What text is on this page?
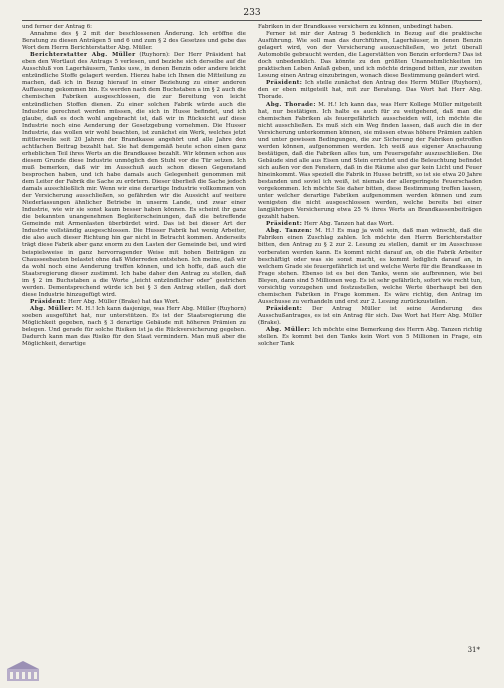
233

und ferner der Antrag 6:

Annahme des § 2 mit der beschlossenen Änderung. Ich eröffne die Beratung zu diesen Anträgen 5 und 6 und zum § 2 des Gesetzes und gebe das Wort dem Herrn Berichterstatter Abg. Müller.

Berichterstatter Abg. Müller (Ruyhorn): Der Herr Präsident hat eben den Wortlaut des Antrags 5 verlesen, und beziehe sich derselbe auf die Ausschluß von Lagerhäusern, Tanks usw., in denen Benzin oder andere leicht entzündliche Stoffe gelagert werden. Hierzu habe ich Ihnen die Mitteilung zu machen, daß ich in Bezug hierauf in einer Beziehung zu einer anderen Auffassung gekommen bin. Es werden nach dem Buchstaben a im § 2 auch die chemischen Fabriken ausgeschlossen, die zur Bereitung von leicht entzündlichen Stoffen dienen. Zu einer solchen Fabrik würde auch die Industrie gerechnet werden müssen, die sich in Husse befindet, und ich glaube, daß es doch wohl angebracht ist, daß wir in Rücksicht auf diese Industrie noch eine Aenderung der Gesetzgebung vornehmen. Die Husser Industrie, das wollen wir wohl beachten, ist zunächst ein Werk, welches jetzt mittlerweile seit 20 Jahren der Brandkasse angehört und alle Jahre den achtfachen Beitrag bezahlt hat. Sie hat demgemäß heute schon einen ganz erheblichen Teil ihres Werts an die Brandkasse bezahlt. Wir können schon aus diesem Grunde diese Industrie unmöglich den Stuhl vor die Tür setzen. Ich muß bemerken, daß wir im Ausschuß auch schon diesen Gegenstand besprochen haben, und ich habe damals auch Gelegenheit genommen mit dem Leiter der Fabrik die Sache zu erörtern. Dieser überließ die Sache jedoch damals ausschließlich mir. Wenn wir eine derartige Industrie vollkommen von der Versicherung ausschließen, so gefährden wir die Aussicht auf weitere Niederlassungen ähnlicher Betriebe in unserm Lande, und zwar einer Industrie, wie wir sie sonst kaum besser haben können. Es scheint ihr ganz die bekannten unangenehmen Begleiterscheinungen, daß die betreffende Gemeinde mit Armenlasten überbürdet wird. Das ist bei dieser Art der Industrie vollständig ausgeschlossen. Die Husser Fabrik hat wenig Arbeiter, die also auch dieser Richtung hin gar nicht in Betracht kommen. Anderseits trägt diese Fabrik aber ganz enorm zu den Lasten der Gemeinde bei, und wird beispielsweise in ganz hervorragender Weise mit hohen Beiträgen zu Chausseebauten belastet ohne daß Widerreden entstehen. Ich meine, daß wir da wohl noch eine Aenderung treffen können, und ich hoffe, daß auch die Staatsregierung dieser zustimmt. Ich habe daher den Antrag zu stellen, daß im § 2 im Buchstaben a die Worte „leicht entzündlicher oder“ gestrichen werden. Dementsprechend würde ich bei § 3 den Antrag stellen, daß dort diese Industrie hinzugefügt wird.

Präsident: Herr Abg. Müller (Brake) hat das Wort.

Abg. Müller: M. H.! Ich kann dasjenige, was Herr Abg. Müller (Ruyhorn) soeben ausgeführt hat, nur unterstützen. Es ist der Staatsregierung die Möglichkeit gegeben, nach § 3 derartige Gebäude mit höheren Prämien zu belegen. Und gerade für solche Risiken ist ja die Rückversicherung gegeben. Dadurch kann man das Risiko für den Staat vermindern. Man muß aber die Möglichkeit, derartige

Fabriken in der Brandkasse versichern zu können, unbedingt haben.

Ferner ist mir der Antrag 5 bedenklich in Bezug auf die praktische Ausführung. Wie soll man das durchführen, Lagerhäuser, in denen Benzin gelagert wird, von der Versicherung auszuschließen, wo jetzt überall Automobile gebraucht werden, die Lagerstätten von Benzin erfordern? Das ist doch unbedenklich. Das könnte zu den größten Unannehmlichkeiten im praktischen Leben Anlaß geben, und ich möchte dringend bitten, zur zweiten Lesung einen Antrag einzubringen, wonach diese Bestimmung geändert wird.

Präsident: Ich stelle zunächst den Antrag des Herrn Müller (Ruyhorn), den er eben mitgeteilt hat, mit zur Beratung. Das Wort hat Herr Abg. Thorade.

Abg. Thorade: M. H.! Ich kann das, was Herr Kollege Müller mitgeteilt hat, nur bestätigen. Ich halte es auch für zu weitgehend, daß man die chemischen Fabriken als feuergefährlich ausscheiden will, ich möchte die nicht ausschließen. Es muß sich ein Weg finden lassen, daß auch die in der Versicherung unterkommen können, sie müssen etwas höhere Prämien zahlen und unter gewissen Bedingungen, die zur Sicherung der Fabriken getroffen werden können, aufgenommen werden. Ich weiß aus eigener Anschauung bestätigen, daß die Fabriken alles tun, um Feuersgefahr auszuschließen. Die Gebäude sind alle aus Eisen und Stein errichtet und die Beleuchtung befindet sich außen vor den Fenstern, daß in die Räume also gar kein Licht und Feuer hineinkommt. Was speziell die Fabrik in Husse betrifft, so ist sie etwa 20 Jahre bestanden und soviel ich weiß, ist niemals der allergeringste Feuerschaden vorgekommen. Ich möchte Sie daher bitten, diese Bestimmung treffen lassen, unter welcher derartige Fabriken aufgenommen werden können und zum wenigsten die nicht ausgeschlossen werden, welche bereits bei einer langjährigen Versicherung etwa 25 % ihres Werts an Brandkassenbeiträgen gezahlt haben.

Präsident: Herr Abg. Tanzen hat das Wort.

Abg. Tanzen: M. H.! Es mag ja wohl sein, daß man wünscht, daß die Fabriken einen Zuschlag zahlen. Ich möchte den Herrn Berichterstatter bitten, den Antrag zu § 2 zur 2. Lesung zu stellen, damit er im Ausschusse vorberaten werden kann. Es kommt nicht darauf an, ob die Fabrik Arbeiter beschäftigt oder was sie sonst macht, es kommt lediglich darauf an, in welchem Grade sie feuergefährlich ist und welche Werte für die Brandkasse in Frage stehen. Ebenso ist es bei den Tanks, wenn sie aufbrennen, wie bei Bleyen, dann sind 5 Millionen weg. Es ist sehr gefährlich, sofort wie recht tun, vorsichtig vorzugehen und festzustellen, welche Werte überhaupt bei den chemischen Fabriken in Frage kommen. Es wäre richtig, den Antrag im Ausschusse zu verhandeln und erst zur 2. Lesung zurückzustellen.

Präsident: Der Antrag Müller ist seine Aenderung des Ausschußantrages, es ist ein Antrag für sich. Das Wort hat Herr Abg. Müller (Brake).

Abg. Müller: Ich möchte eine Bemerkung des Herrn Abg. Tanzen richtig stellen. Es kommt bei den Tanks kein Wort von 5 Millionen in Frage, ein solcher Tank

31*
